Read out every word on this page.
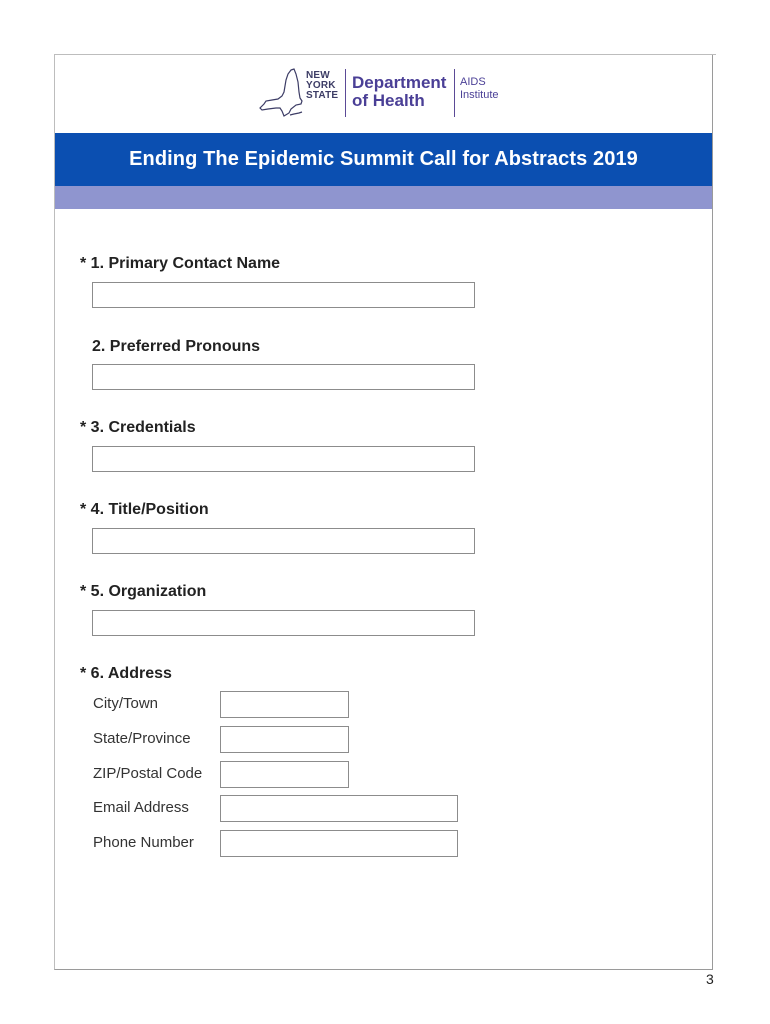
NEW
YORK
STATE
Department
of Health
AIDS
Institute
Ending The Epidemic Summit Call for Abstracts 2019
* 1. Primary Contact Name
2. Preferred Pronouns
* 3. Credentials
* 4. Title/Position
* 5. Organization
* 6. Address
City/Town
State/Province
ZIP/Postal Code
Email Address
Phone Number
3
